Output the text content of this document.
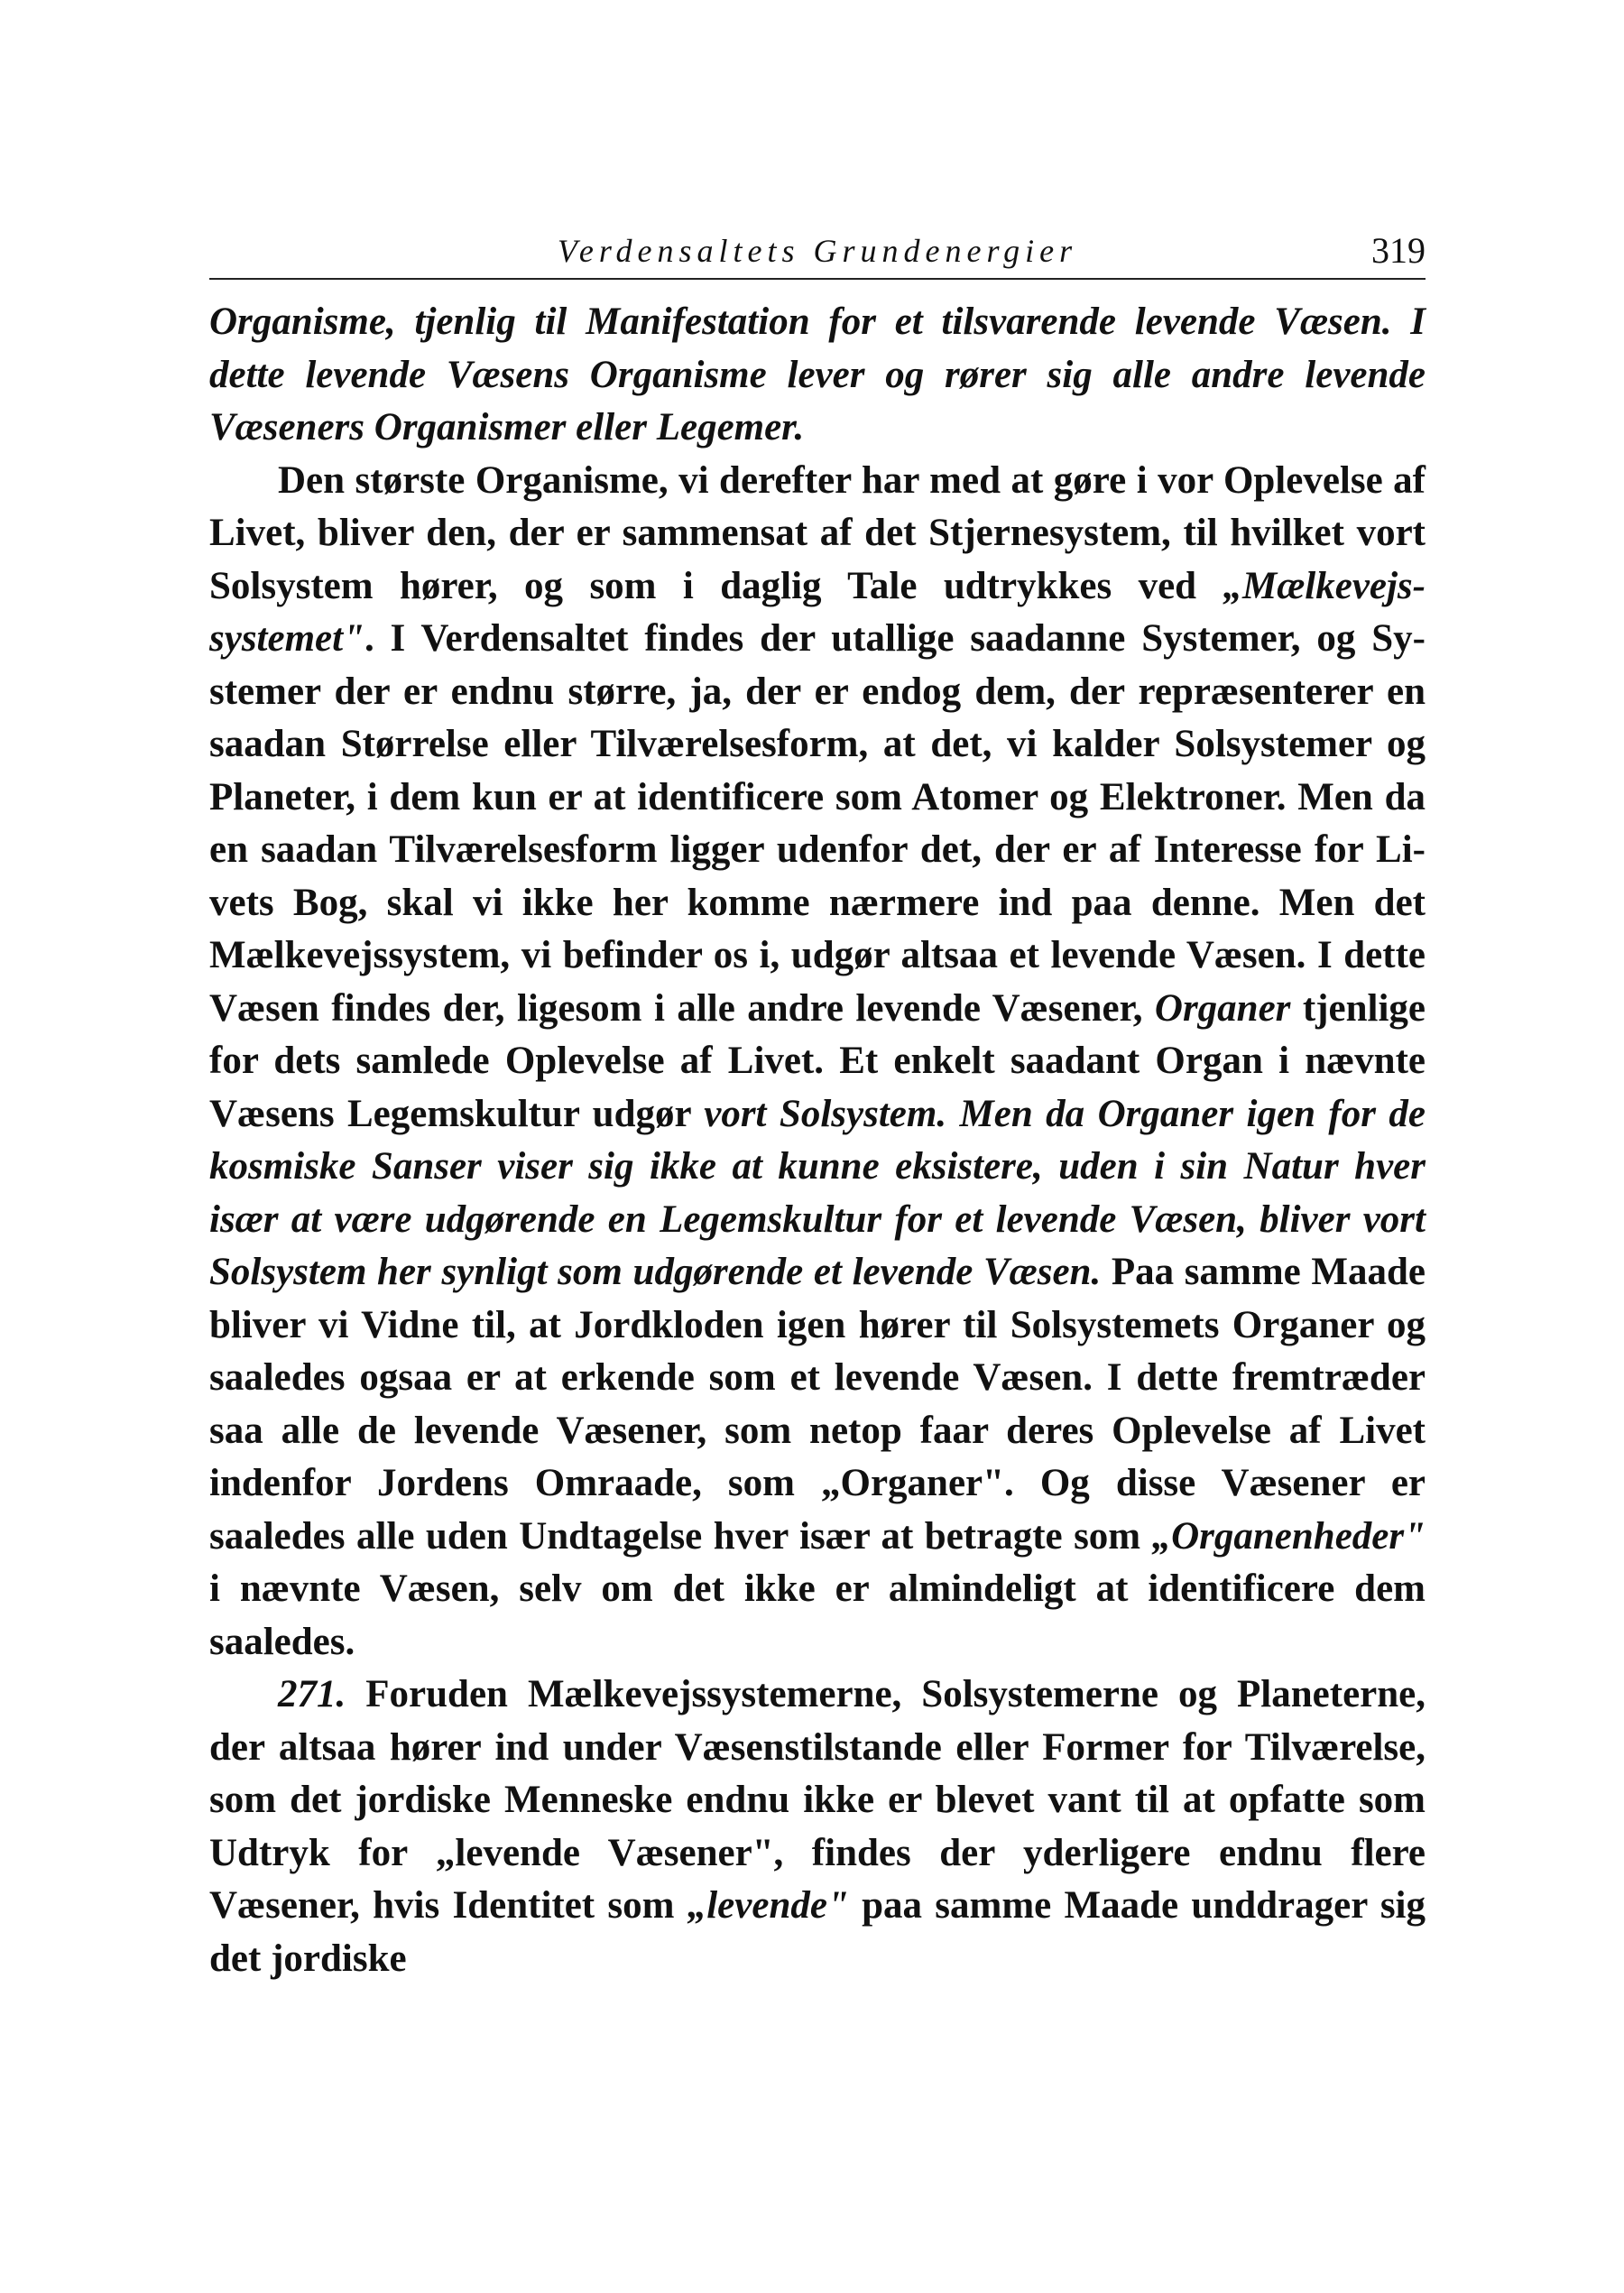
Verdensaltets Grundenergier	319

Organisme, tjenlig til Manifestation for et tilsvarende levende Væsen. I dette levende Væsens Organisme lever og rører sig alle andre levende Væseners Organismer eller Legemer.

Den største Organisme, vi derefter har med at gøre i vor Oplevelse af Livet, bliver den, der er sammensat af det Stjernesystem, til hvilket vort Solsystem hører, og som i daglig Tale udtrykkes ved „Mælkevejssystemet". I Verdensaltet findes der utallige saadanne Systemer, og Systemer der er endnu større, ja, der er endog dem, der repræsenterer en saadan Størrelse eller Tilværelsesform, at det, vi kalder Solsystemer og Planeter, i dem kun er at identificere som Atomer og Elektroner. Men da en saadan Tilværelsesform ligger udenfor det, der er af Interesse for Livets Bog, skal vi ikke her komme nærmere ind paa denne. Men det Mælkevejssystem, vi befinder os i, udgør altsaa et levende Væsen. I dette Væsen findes der, ligesom i alle andre levende Væsener, Organer tjenlige for dets samlede Oplevelse af Livet. Et enkelt saadant Organ i nævnte Væsens Legemskultur udgør vort Solsystem. Men da Organer igen for de kosmiske Sanser viser sig ikke at kunne eksistere, uden i sin Natur hver især at være udgørende en Legemskultur for et levende Væsen, bliver vort Solsystem her synligt som udgørende et levende Væsen. Paa samme Maade bliver vi Vidne til, at Jordkloden igen hører til Solsystemets Organer og saaledes ogsaa er at erkende som et levende Væsen. I dette fremtræder saa alle de levende Væsener, som netop faar deres Oplevelse af Livet indenfor Jordens Omraade, som „Organer". Og disse Væsener er saaledes alle uden Undtagelse hver især at betragte som „Organenheder" i nævnte Væsen, selv om det ikke er almindeligt at identificere dem saaledes.

271. Foruden Mælkevejssystemerne, Solsystemerne og Planeterne, der altsaa hører ind under Væsenstilstande eller Former for Tilværelse, som det jordiske Menneske endnu ikke er blevet vant til at opfatte som Udtryk for „levende Væsener", findes der yderligere endnu flere Væsener, hvis Identitet som „levende" paa samme Maade unddrager sig det jordiske
